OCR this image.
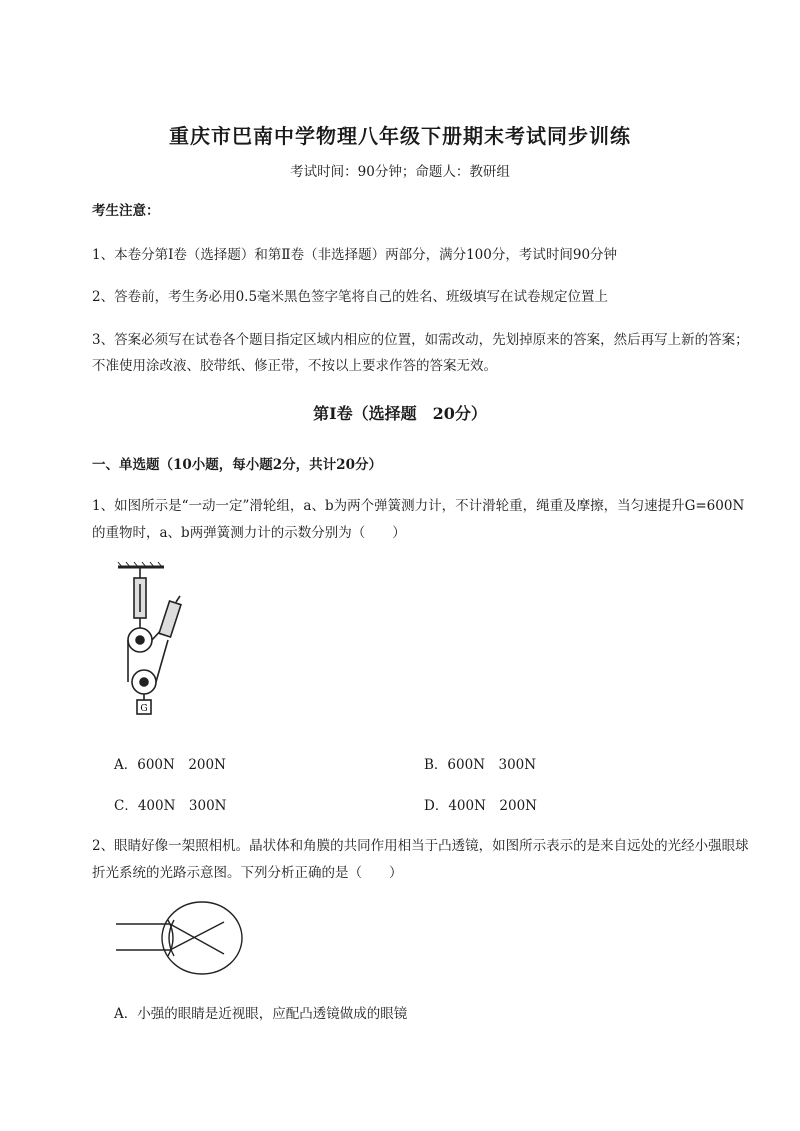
重庆市巴南中学物理八年级下册期末考试同步训练
考试时间：90分钟；命题人：教研组
考生注意：
1、本卷分第I卷（选择题）和第Ⅱ卷（非选择题）两部分，满分100分，考试时间90分钟
2、答卷前，考生务必用0.5毫米黑色签字笔将自己的姓名、班级填写在试卷规定位置上
3、答案必须写在试卷各个题目指定区域内相应的位置，如需改动，先划掉原来的答案，然后再写上新的答案；不准使用涂改液、胶带纸、修正带，不按以上要求作答的答案无效。
第I卷（选择题　20分）
一、单选题（10小题，每小题2分，共计20分）
1、如图所示是“一动一定”滑轮组，a、b为两个弹簧测力计，不计滑轮重，绳重及摩擦，当匀速提升G=600N的重物时，a、b两弹簧测力计的示数分别为（　　）
G
A．600N　200N	B．600N　300N
C．400N　300N	D．400N　200N
2、眼睛好像一架照相机。晶状体和角膜的共同作用相当于凸透镜，如图所示表示的是来自远处的光经小强眼球折光系统的光路示意图。下列分析正确的是（　　）
A．小强的眼睛是近视眼，应配凸透镜做成的眼镜
